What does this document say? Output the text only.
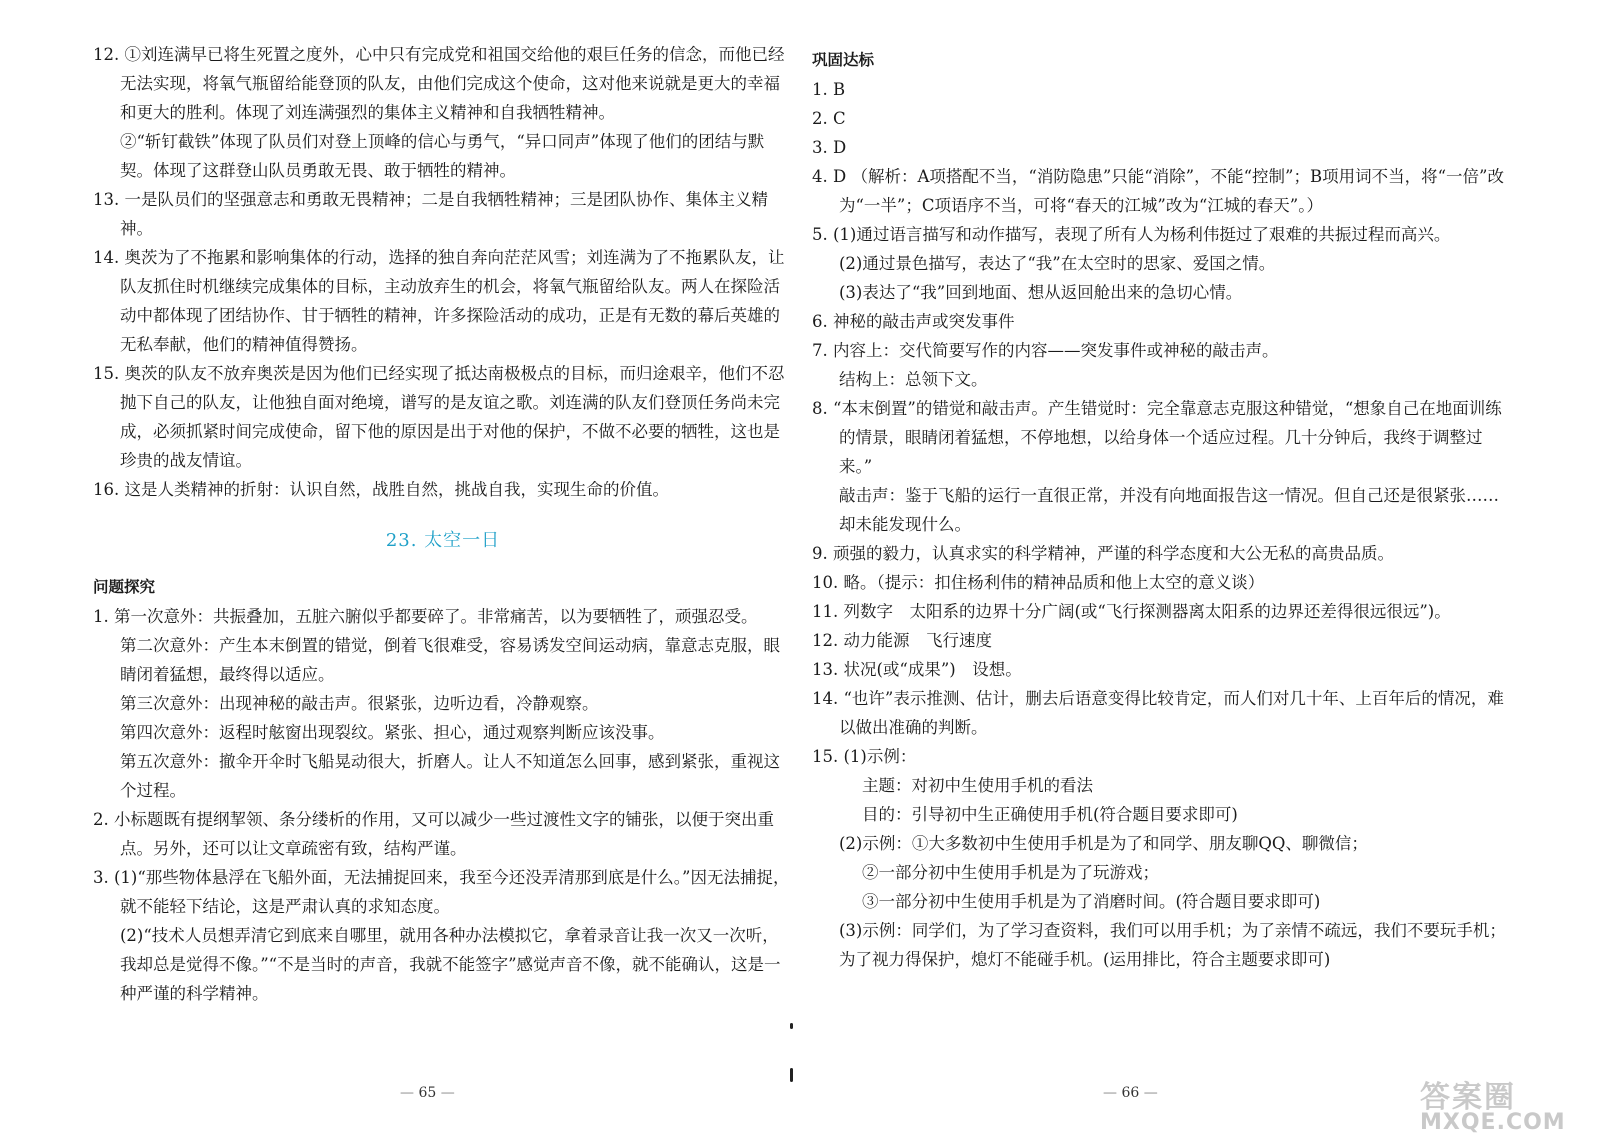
12. ①刘连满早已将生死置之度外，心中只有完成党和祖国交给他的艰巨任务的信念，而他已经无法实现，将氧气瓶留给能登顶的队友，由他们完成这个使命，这对他来说就是更大的幸福和更大的胜利。体现了刘连满强烈的集体主义精神和自我牺牲精神。
②“斩钉截铁”体现了队员们对登上顶峰的信心与勇气，“异口同声”体现了他们的团结与默契。体现了这群登山队员勇敢无畏、敢于牺牲的精神。
13. 一是队员们的坚强意志和勇敢无畏精神；二是自我牺牲精神；三是团队协作、集体主义精神。
14. 奥茨为了不拖累和影响集体的行动，选择的独自奔向茫茫风雪；刘连满为了不拖累队友，让队友抓住时机继续完成集体的目标，主动放弃生的机会，将氧气瓶留给队友。两人在探险活动中都体现了团结协作、甘于牺牲的精神，许多探险活动的成功，正是有无数的幕后英雄的无私奉献，他们的精神值得赞扬。
15. 奥茨的队友不放弃奥茨是因为他们已经实现了抵达南极极点的目标，而归途艰辛，他们不忍抛下自己的队友，让他独自面对绝境，谱写的是友谊之歌。刘连满的队友们登顶任务尚未完成，必须抓紧时间完成使命，留下他的原因是出于对他的保护，不做不必要的牺牲，这也是珍贵的战友情谊。
16. 这是人类精神的折射：认识自然，战胜自然，挑战自我，实现生命的价值。
23. 太空一日
问题探究
1. 第一次意外：共振叠加，五脏六腑似乎都要碎了。非常痛苦，以为要牺牲了，顽强忍受。
第二次意外：产生本末倒置的错觉，倒着飞很难受，容易诱发空间运动病，靠意志克服，眼睛闭着猛想，最终得以适应。
第三次意外：出现神秘的敲击声。很紧张，边听边看，冷静观察。
第四次意外：返程时舷窗出现裂纹。紧张、担心，通过观察判断应该没事。
第五次意外：撤伞开伞时飞船晃动很大，折磨人。让人不知道怎么回事，感到紧张，重视这个过程。
2. 小标题既有提纲挈领、条分缕析的作用，又可以减少一些过渡性文字的铺张，以便于突出重点。另外，还可以让文章疏密有致，结构严谨。
3. (1)“那些物体悬浮在飞船外面，无法捕捉回来，我至今还没弄清那到底是什么。”因无法捕捉，就不能轻下结论，这是严肃认真的求知态度。
(2)“技术人员想弄清它到底来自哪里，就用各种办法模拟它，拿着录音让我一次又一次听，我却总是觉得不像。”“不是当时的声音，我就不能签字”感觉声音不像，就不能确认，这是一种严谨的科学精神。
巩固达标
1. B
2. C
3. D
4. D （解析：A项搭配不当，“消防隐患”只能“消除”，不能“控制”；B项用词不当，将“一倍”改为“一半”；C项语序不当，可将“春天的江城”改为“江城的春天”。）
5. (1)通过语言描写和动作描写，表现了所有人为杨利伟挺过了艰难的共振过程而高兴。
(2)通过景色描写，表达了“我”在太空时的思家、爱国之情。
(3)表达了“我”回到地面、想从返回舱出来的急切心情。
6. 神秘的敲击声或突发事件
7. 内容上：交代简要写作的内容——突发事件或神秘的敲击声。
结构上：总领下文。
8. “本末倒置”的错觉和敲击声。产生错觉时：完全靠意志克服这种错觉，“想象自己在地面训练的情景，眼睛闭着猛想，不停地想，以给身体一个适应过程。几十分钟后，我终于调整过来。”
敲击声：鉴于飞船的运行一直很正常，并没有向地面报告这一情况。但自己还是很紧张……却未能发现什么。
9. 顽强的毅力，认真求实的科学精神，严谨的科学态度和大公无私的高贵品质。
10. 略。（提示：扣住杨利伟的精神品质和他上太空的意义谈）
11. 列数字　太阳系的边界十分广阔(或“飞行探测器离太阳系的边界还差得很远很远”)。
12. 动力能源　飞行速度
13. 状况(或“成果”)　设想。
14. “也许”表示推测、估计，删去后语意变得比较肯定，而人们对几十年、上百年后的情况，难以做出准确的判断。
15. (1)示例：
主题：对初中生使用手机的看法
目的：引导初中生正确使用手机(符合题目要求即可)
(2)示例：①大多数初中生使用手机是为了和同学、朋友聊QQ、聊微信；
②一部分初中生使用手机是为了玩游戏；
③一部分初中生使用手机是为了消磨时间。(符合题目要求即可)
(3)示例：同学们，为了学习查资料，我们可以用手机；为了亲情不疏远，我们不要玩手机；为了视力得保护，熄灯不能碰手机。(运用排比，符合主题要求即可)
— 65 —	— 66 —	答案圈
MXQE.COM
